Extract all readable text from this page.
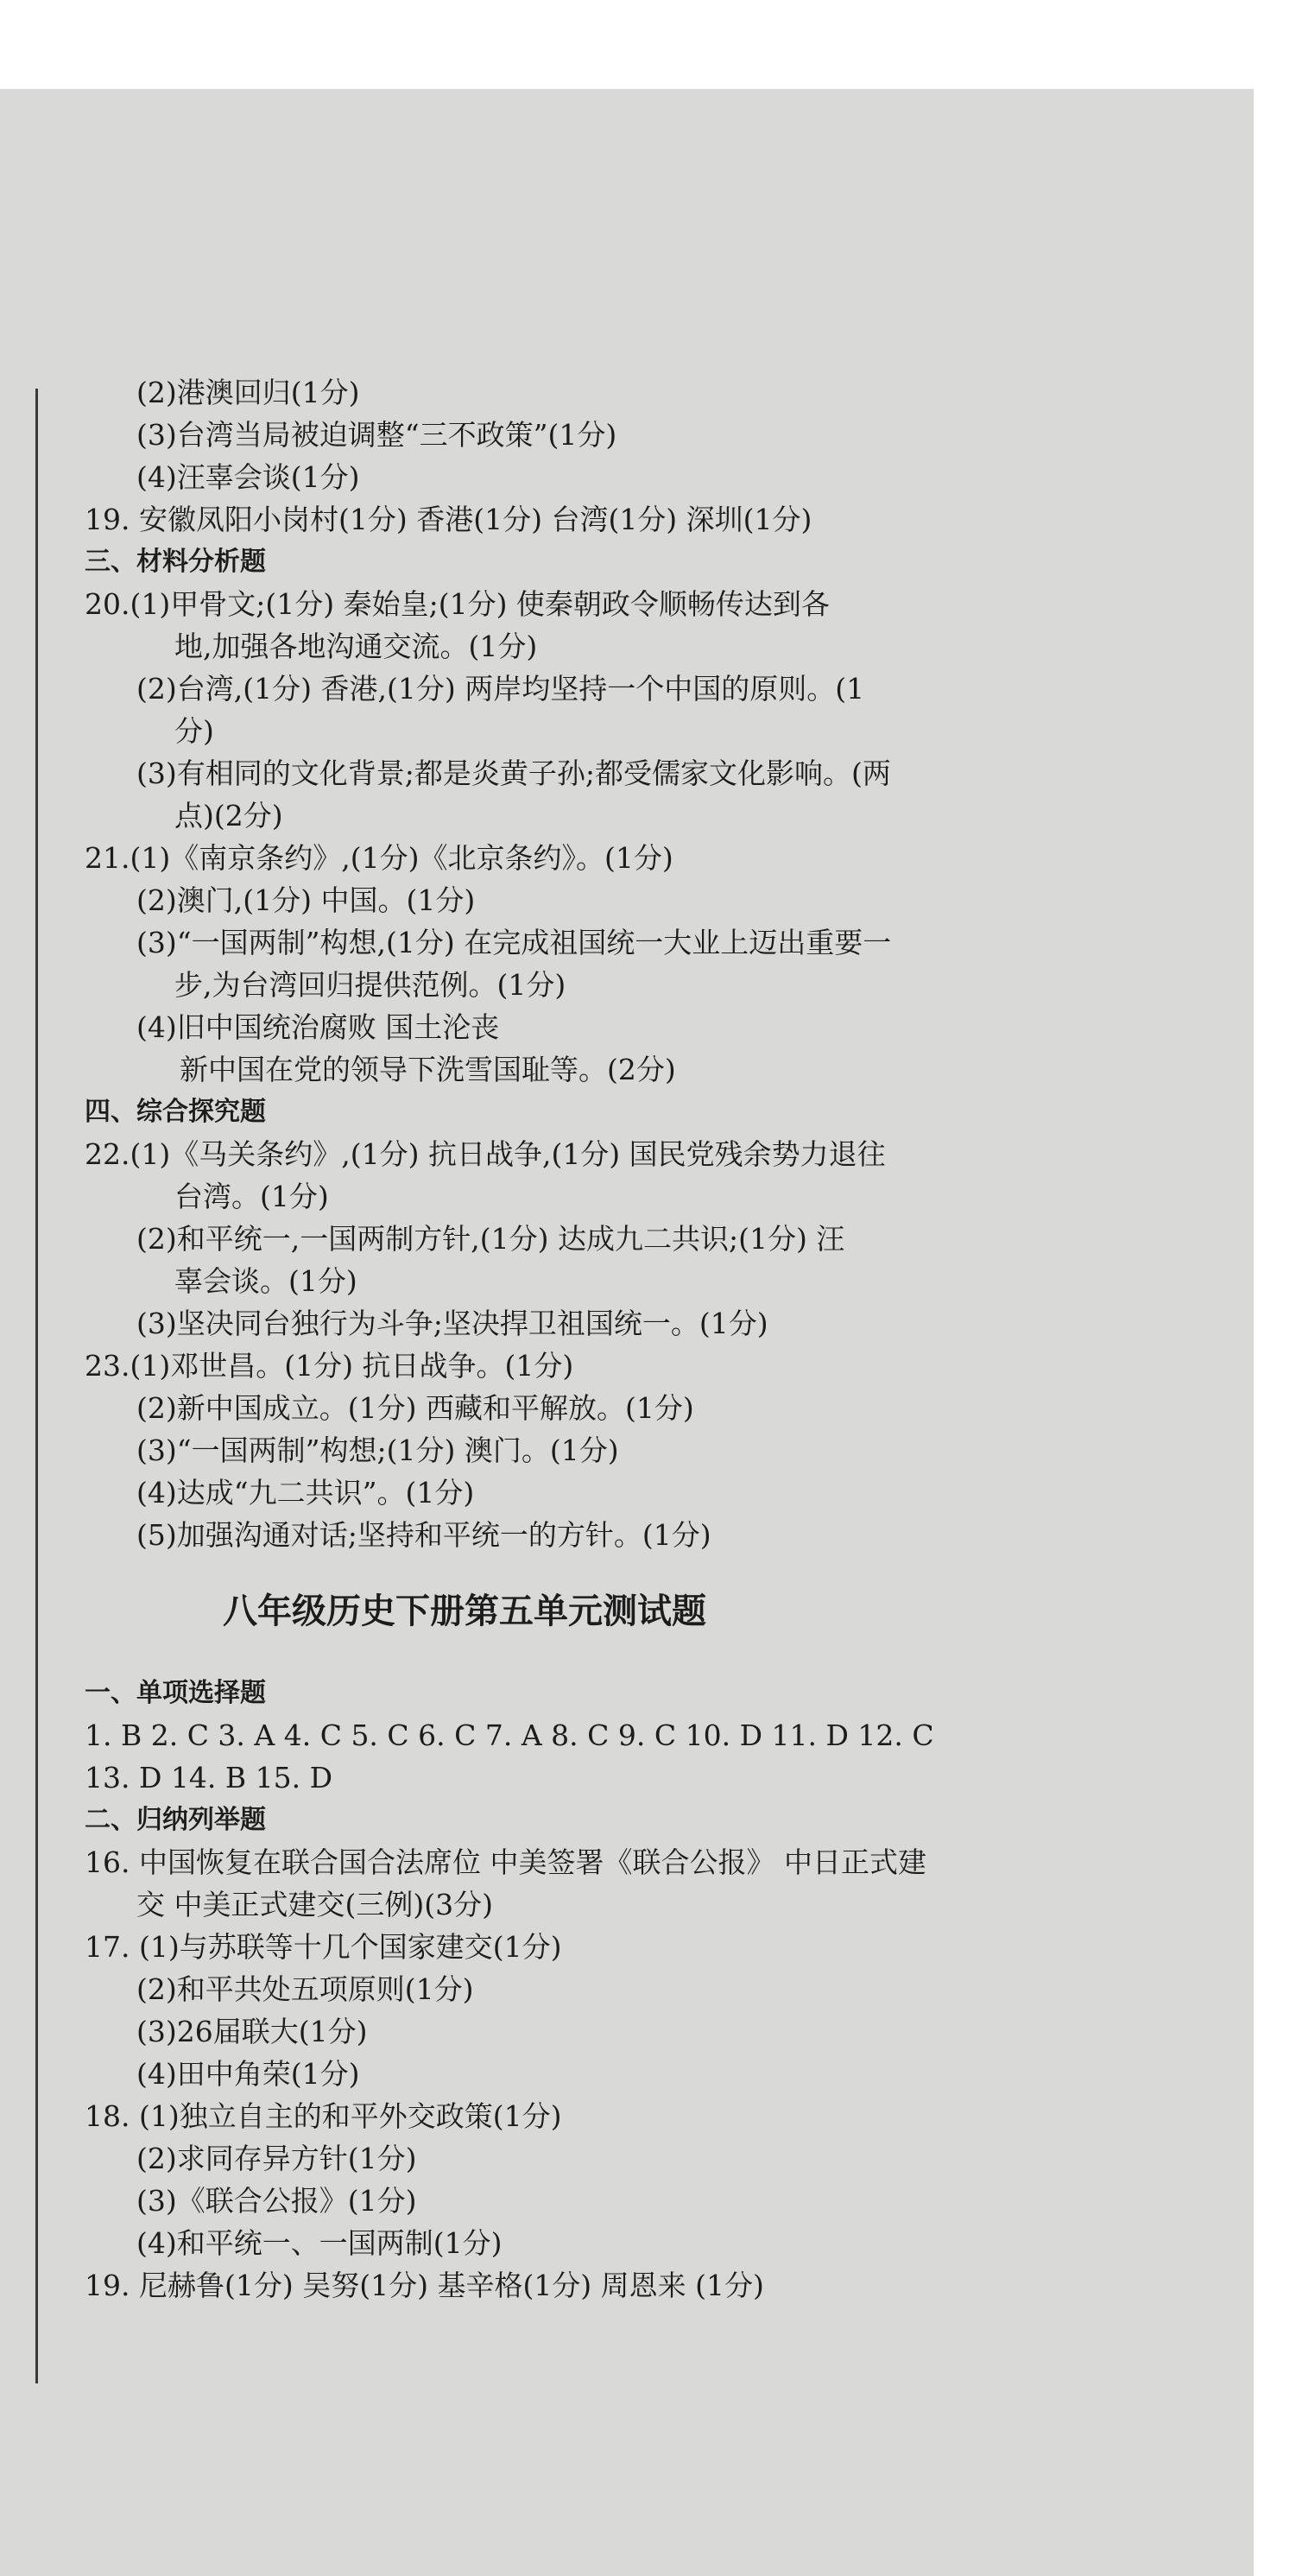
(2)港澳回归(1分)
(3)台湾当局被迫调整“三不政策”(1分)
(4)汪辜会谈(1分)
19. 安徽凤阳小岗村(1分) 香港(1分) 台湾(1分) 深圳(1分)
三、材料分析题
20.(1)甲骨文;(1分) 秦始皇;(1分) 使秦朝政令顺畅传达到各
地,加强各地沟通交流。(1分)
(2)台湾,(1分) 香港,(1分) 两岸均坚持一个中国的原则。(1
分)
(3)有相同的文化背景;都是炎黄子孙;都受儒家文化影响。(两
点)(2分)
21.(1)《南京条约》,(1分)《北京条约》。(1分)
(2)澳门,(1分) 中国。(1分)
(3)“一国两制”构想,(1分) 在完成祖国统一大业上迈出重要一
步,为台湾回归提供范例。(1分)
(4)旧中国统治腐败 国土沦丧
新中国在党的领导下洗雪国耻等。(2分)
四、综合探究题
22.(1)《马关条约》,(1分) 抗日战争,(1分) 国民党残余势力退往
台湾。(1分)
(2)和平统一,一国两制方针,(1分) 达成九二共识;(1分) 汪
辜会谈。(1分)
(3)坚决同台独行为斗争;坚决捍卫祖国统一。(1分)
23.(1)邓世昌。(1分) 抗日战争。(1分)
(2)新中国成立。(1分) 西藏和平解放。(1分)
(3)“一国两制”构想;(1分) 澳门。(1分)
(4)达成“九二共识”。(1分)
(5)加强沟通对话;坚持和平统一的方针。(1分)
八年级历史下册第五单元测试题
一、单项选择题
1. B 2. C 3. A 4. C 5. C 6. C 7. A 8. C 9. C 10. D 11. D 12. C
13. D 14. B 15. D
二、归纳列举题
16. 中国恢复在联合国合法席位 中美签署《联合公报》 中日正式建
交 中美正式建交(三例)(3分)
17. (1)与苏联等十几个国家建交(1分)
(2)和平共处五项原则(1分)
(3)26届联大(1分)
(4)田中角荣(1分)
18. (1)独立自主的和平外交政策(1分)
(2)求同存异方针(1分)
(3)《联合公报》(1分)
(4)和平统一、一国两制(1分)
19. 尼赫鲁(1分) 吴努(1分) 基辛格(1分) 周恩来 (1分)
